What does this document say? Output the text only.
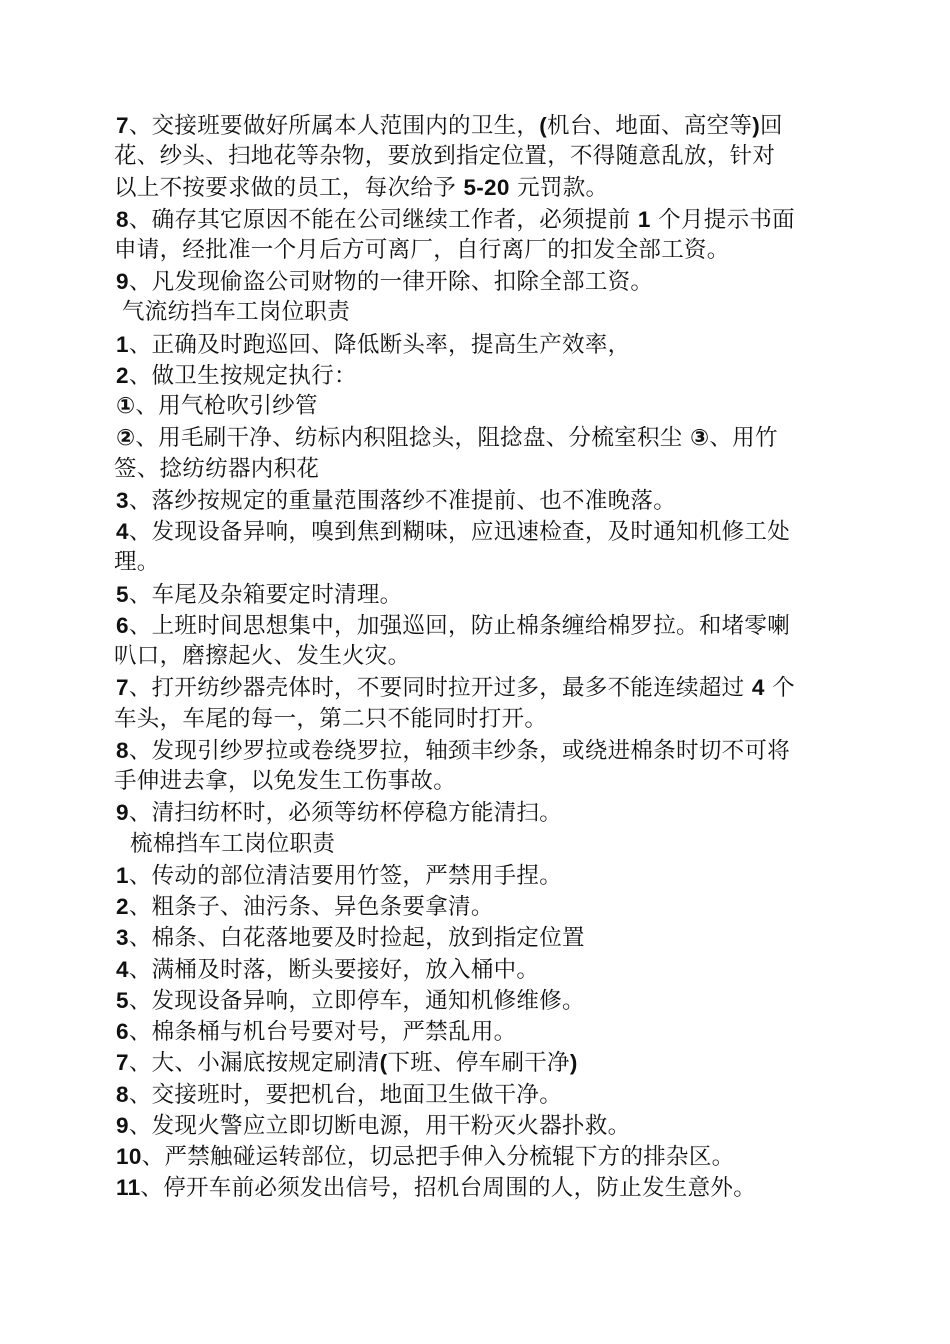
7、交接班要做好所属本人范围内的卫生，(机台、地面、高空等)回
花、纱头、扫地花等杂物，要放到指定位置，不得随意乱放，针对
以上不按要求做的员工，每次给予 5-20 元罚款。
8、确存其它原因不能在公司继续工作者，必须提前 1 个月提示书面
申请，经批准一个月后方可离厂，自行离厂的扣发全部工资。
9、凡发现偷盗公司财物的一律开除、扣除全部工资。
气流纺挡车工岗位职责
1、正确及时跑巡回、降低断头率，提高生产效率，
2、做卫生按规定执行：
①、用气枪吹引纱管
②、用毛刷干净、纺标内积阻捻头，阻捻盘、分梳室积尘 ③、用竹
签、捻纺纺器内积花
3、落纱按规定的重量范围落纱不准提前、也不准晚落。
4、发现设备异响，嗅到焦到糊味，应迅速检查，及时通知机修工处
理。
5、车尾及杂箱要定时清理。
6、上班时间思想集中，加强巡回，防止棉条缠给棉罗拉。和堵零喇
叭口，磨擦起火、发生火灾。
7、打开纺纱器壳体时，不要同时拉开过多，最多不能连续超过 4 个
车头，车尾的每一，第二只不能同时打开。
8、发现引纱罗拉或卷绕罗拉，轴颈丰纱条，或绕进棉条时切不可将
手伸进去拿，以免发生工伤事故。
9、清扫纺杯时，必须等纺杯停稳方能清扫。
梳棉挡车工岗位职责
1、传动的部位清洁要用竹签，严禁用手捏。
2、粗条子、油污条、异色条要拿清。
3、棉条、白花落地要及时捡起，放到指定位置
4、满桶及时落，断头要接好，放入桶中。
5、发现设备异响，立即停车，通知机修维修。
6、棉条桶与机台号要对号，严禁乱用。
7、大、小漏底按规定刷清(下班、停车刷干净)
8、交接班时，要把机台，地面卫生做干净。
9、发现火警应立即切断电源，用干粉灭火器扑救。
10、严禁触碰运转部位，切忌把手伸入分梳辊下方的排杂区。
11、停开车前必须发出信号，招机台周围的人，防止发生意外。
